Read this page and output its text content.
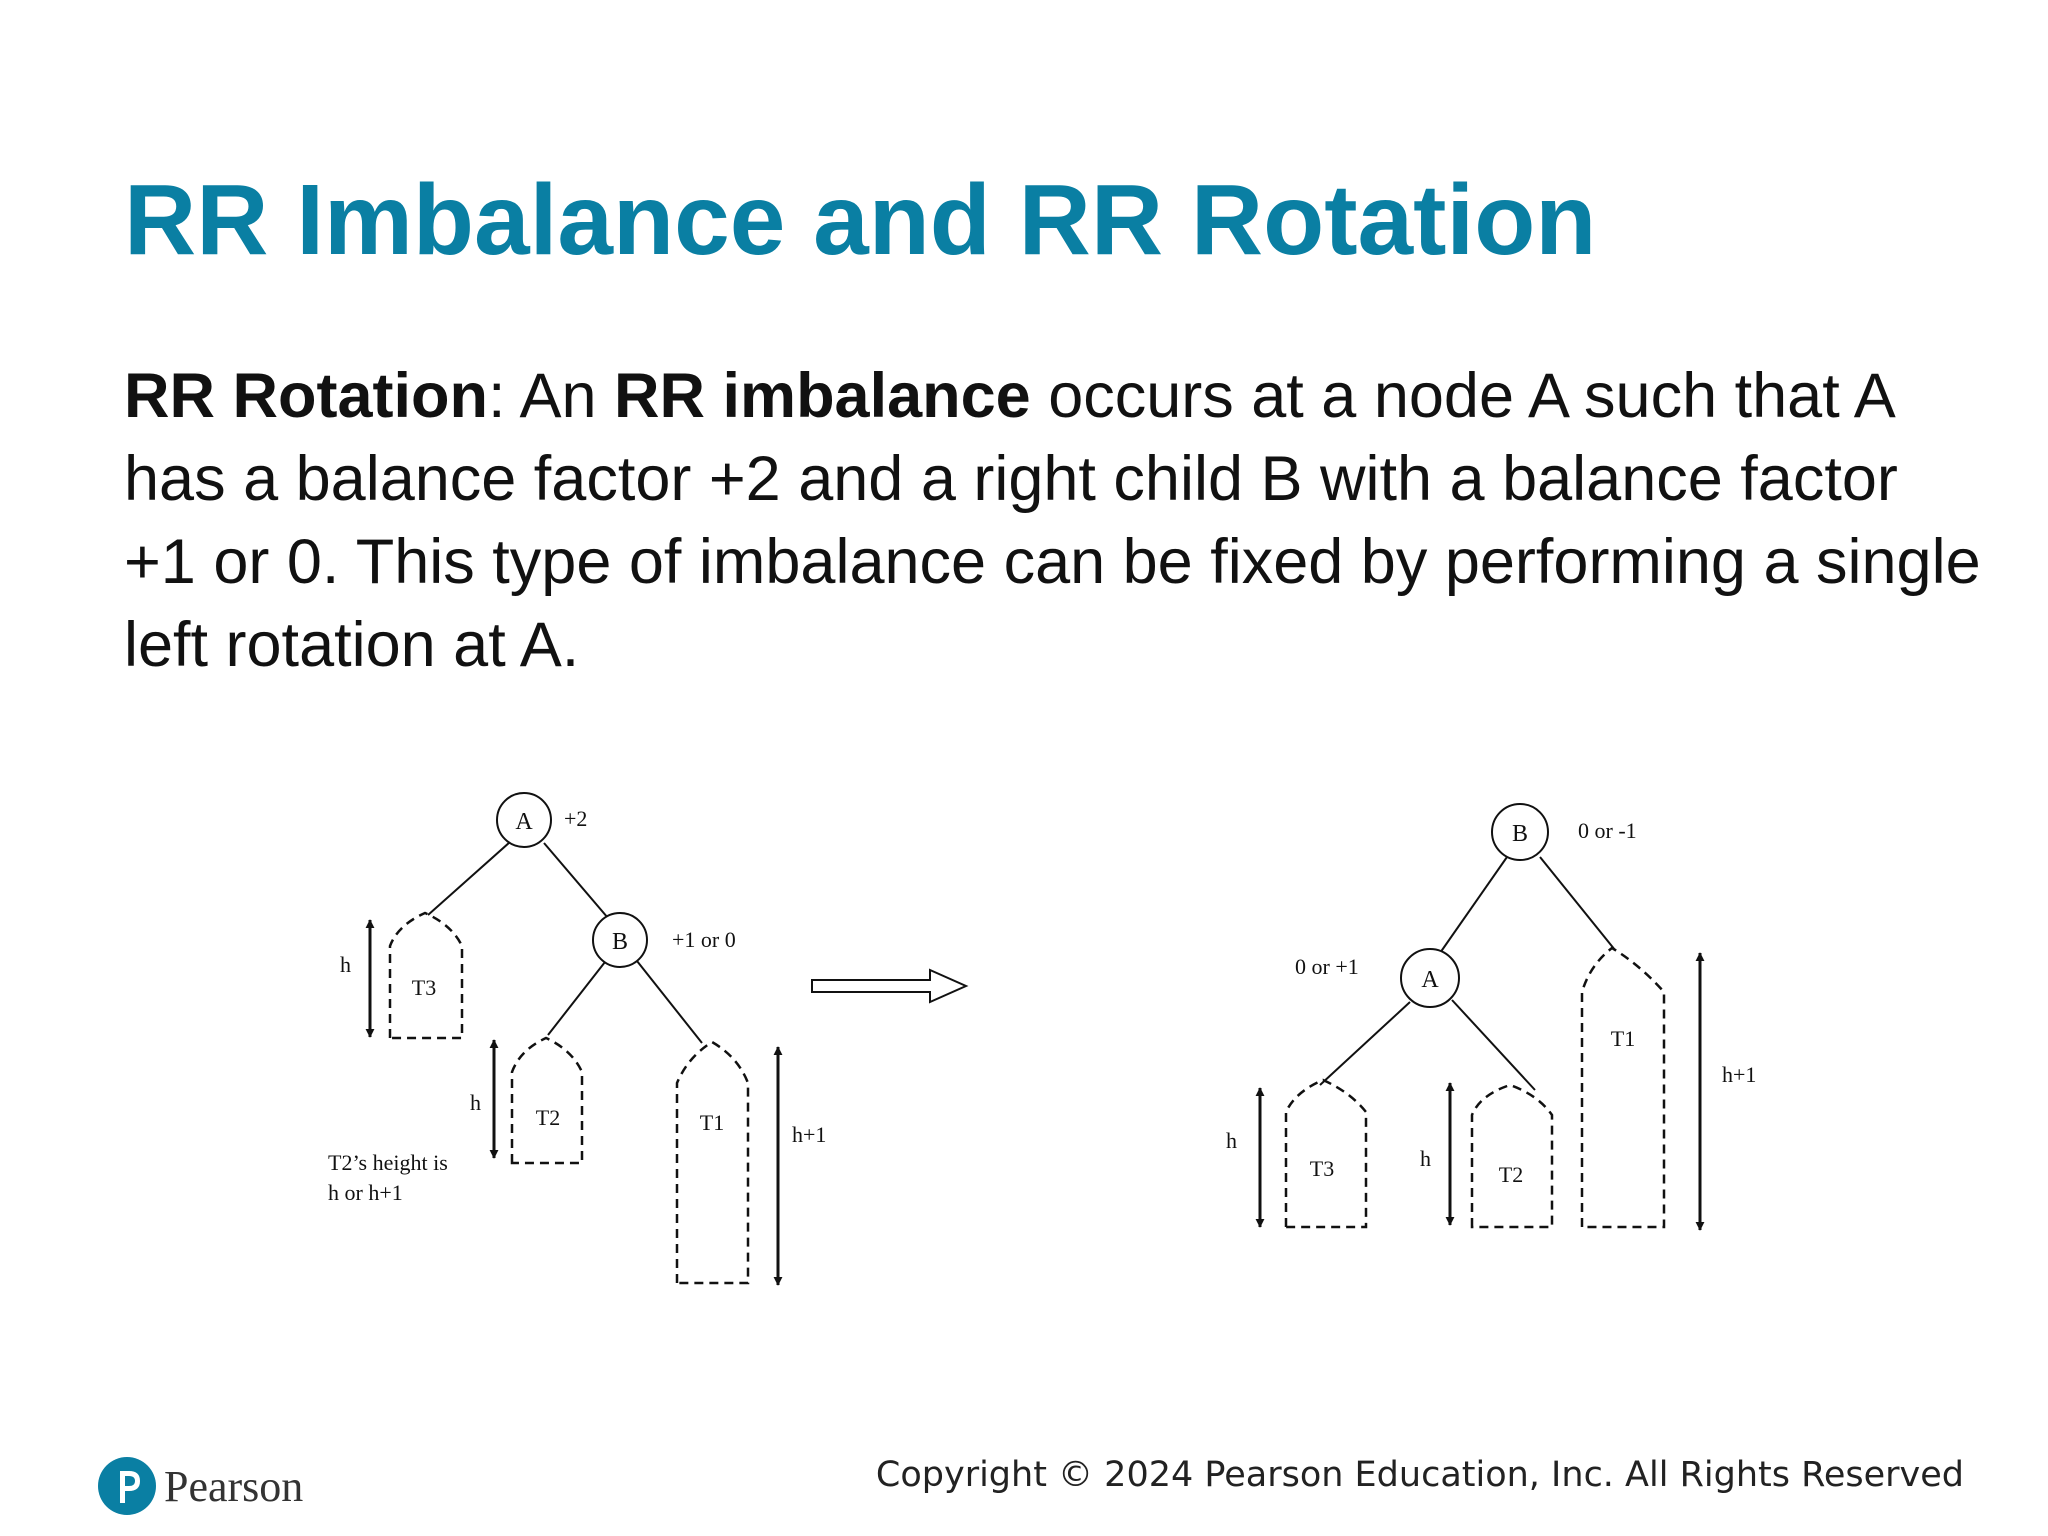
RR Imbalance and RR Rotation

RR Rotation: An RR imbalance occurs at a node A such that A has a balance factor +2 and a right child B with a balance factor +1 or 0. This type of imbalance can be fixed by performing a single left rotation at A.

A +2
B +1 or 0
T3
T2	T1
h
h
h+1
T2’s height is
h or h+1
B 0 or -1
A
0 or +1
T3	T2
T1
h
h
h+1
Pearson	Copyright © 2024 Pearson Education, Inc. All Rights Reserved
